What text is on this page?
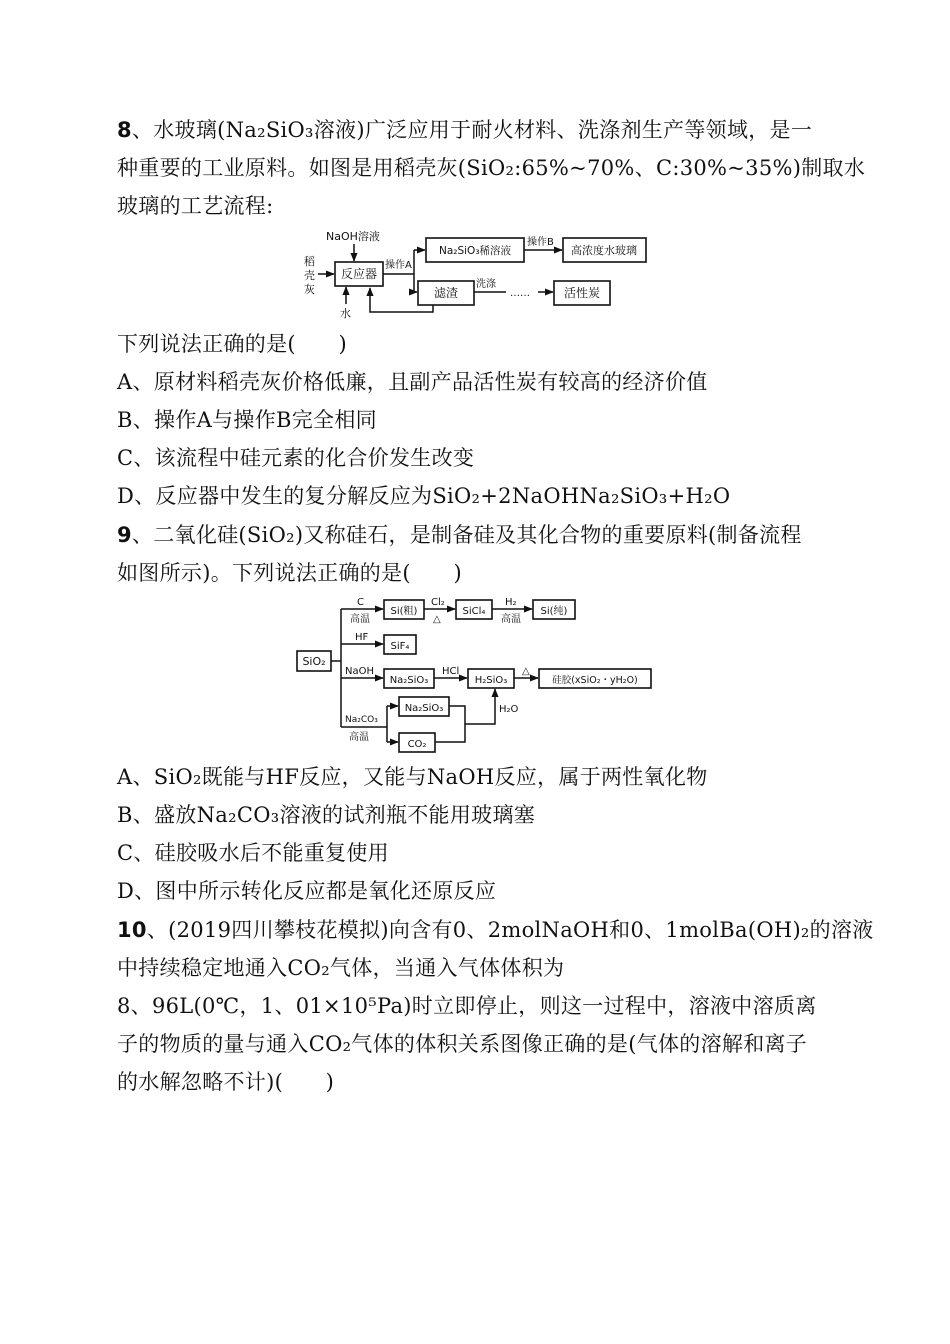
8、水玻璃(Na₂SiO₃溶液)广泛应用于耐火材料、洗涤剂生产等领域，是一
种重要的工业原料。如图是用稻壳灰(SiO₂:65%~70%、C:30%~35%)制取水
玻璃的工艺流程:
稻
壳
灰
NaOH溶液
反应器
水
操作A
Na₂SiO₃稀溶液
操作B
高浓度水玻璃
滤渣
洗涤
……	活性炭
下列说法正确的是(　　)
A、原材料稻壳灰价格低廉，且副产品活性炭有较高的经济价值
B、操作A与操作B完全相同
C、该流程中硅元素的化合价发生改变
D、反应器中发生的复分解反应为SiO₂+2NaOHNa₂SiO₃+H₂O
9、二氧化硅(SiO₂)又称硅石，是制备硅及其化合物的重要原料(制备流程
如图所示)。下列说法正确的是(　　)
SiO₂
C
高温
Si(粗)
Cl₂
△
SiCl₄
H₂
高温
Si(纯)
HF
SiF₄
NaOH
Na₂SiO₃
HCl
H₂SiO₃
△
硅胶(xSiO₂・yH₂O)
Na₂CO₃
高温
Na₂SiO₃
CO₂
H₂O
A、SiO₂既能与HF反应，又能与NaOH反应，属于两性氧化物
B、盛放Na₂CO₃溶液的试剂瓶不能用玻璃塞
C、硅胶吸水后不能重复使用
D、图中所示转化反应都是氧化还原反应
10、(2019四川攀枝花模拟)向含有0、2molNaOH和0、1molBa(OH)₂的溶液
中持续稳定地通入CO₂气体，当通入气体体积为
8、96L(0℃，1、01×10⁵Pa)时立即停止，则这一过程中，溶液中溶质离
子的物质的量与通入CO₂气体的体积关系图像正确的是(气体的溶解和离子
的水解忽略不计)(　　)
